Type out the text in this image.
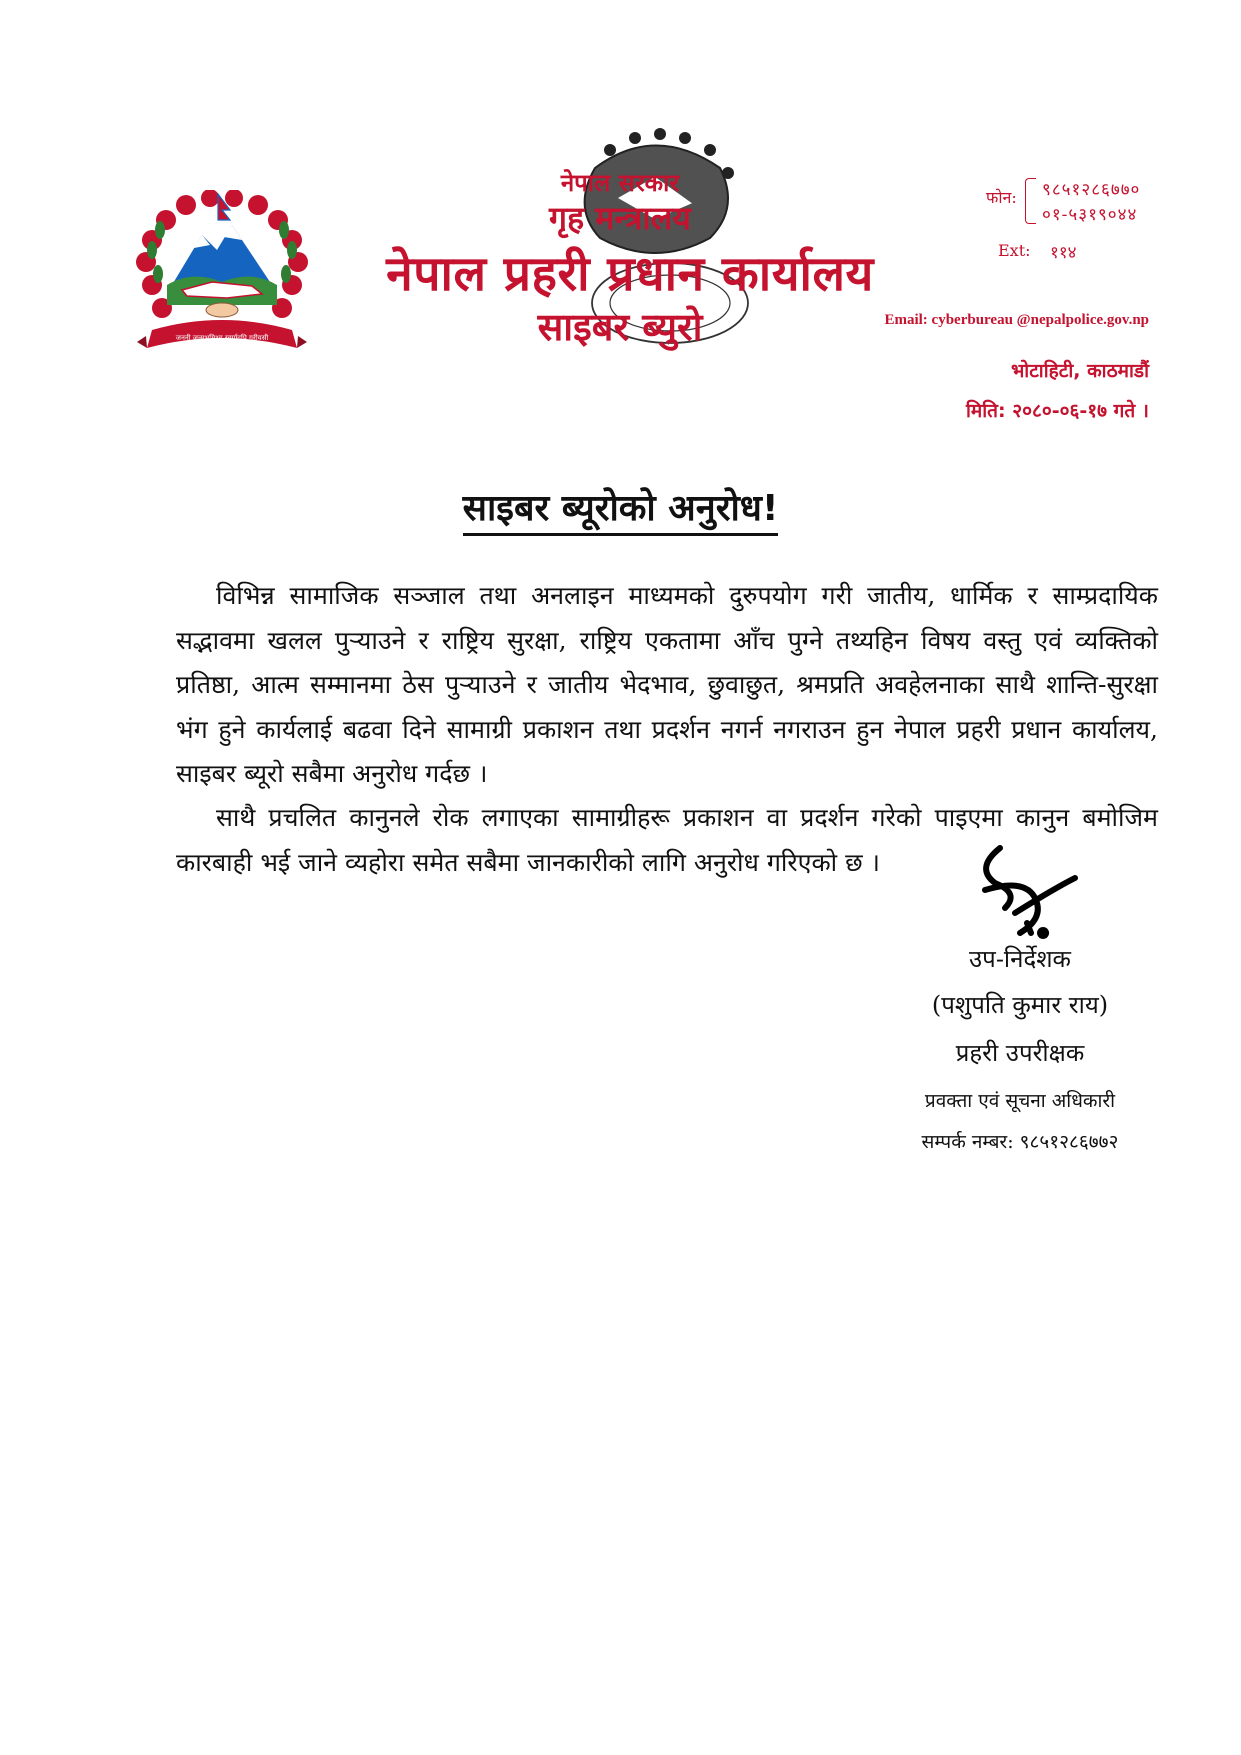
जननी जन्मभूमिश्च स्वर्गादपि गरीयसी
नेपाल सरकार
गृह मन्त्रालय
नेपाल प्रहरी प्रधान कार्यालय
साइबर ब्युरो
फोन: ९८५१२८६७७०
०१-५३१९०४४
Ext: ११४
Email: cyberbureau @nepalpolice.gov.np
भोटाहिटी, काठमाडौं
मिति: २०८०-०६-१७ गते ।
साइबर ब्यूरोको अनुरोध!

विभिन्न सामाजिक सञ्जाल तथा अनलाइन माध्यमको दुरुपयोग गरी जातीय, धार्मिक र साम्प्रदायिक सद्भावमा खलल पुऱ्याउने र राष्ट्रिय सुरक्षा, राष्ट्रिय एकतामा आँच पुग्ने तथ्यहिन विषय वस्तु एवं व्यक्तिको प्रतिष्ठा, आत्म सम्मानमा ठेस पुऱ्याउने र जातीय भेदभाव, छुवाछुत, श्रमप्रति अवहेलनाका साथै शान्ति-सुरक्षा भंग हुने कार्यलाई बढवा दिने सामाग्री प्रकाशन तथा प्रदर्शन नगर्न नगराउन हुन नेपाल प्रहरी प्रधान कार्यालय, साइबर ब्यूरो सबैमा अनुरोध गर्दछ ।

साथै प्रचलित कानुनले रोक लगाएका सामाग्रीहरू प्रकाशन वा प्रदर्शन गरेको पाइएमा कानुन बमोजिम कारबाही भई जाने व्यहोरा समेत सबैमा जानकारीको लागि अनुरोध गरिएको छ ।

उप-निर्देशक
(पशुपति कुमार राय)
प्रहरी उपरीक्षक
प्रवक्ता एवं सूचना अधिकारी
सम्पर्क नम्बर: ९८५१२८६७७२
